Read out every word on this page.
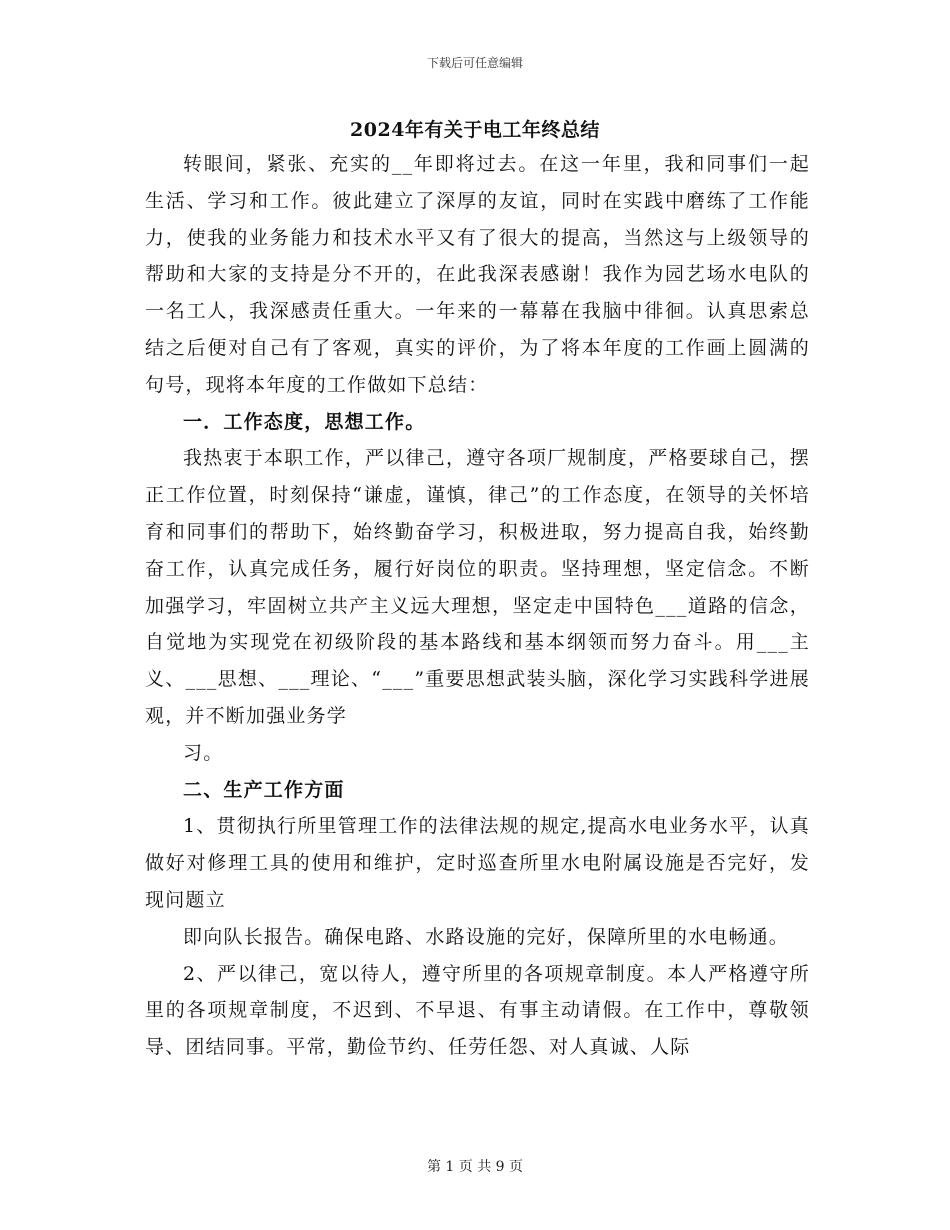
下载后可任意编辑
2024年有关于电工年终总结

转眼间，紧张、充实的__年即将过去。在这一年里，我和同事们一起生活、学习和工作。彼此建立了深厚的友谊，同时在实践中磨练了工作能力，使我的业务能力和技术水平又有了很大的提高，当然这与上级领导的帮助和大家的支持是分不开的，在此我深表感谢！我作为园艺场水电队的一名工人，我深感责任重大。一年来的一幕幕在我脑中徘徊。认真思索总结之后便对自己有了客观，真实的评价，为了将本年度的工作画上圆满的句号，现将本年度的工作做如下总结：

一．工作态度，思想工作。

我热衷于本职工作，严以律己，遵守各项厂规制度，严格要球自己，摆正工作位置，时刻保持“谦虚，谨慎，律己”的工作态度，在领导的关怀培育和同事们的帮助下，始终勤奋学习，积极进取，努力提高自我，始终勤奋工作，认真完成任务，履行好岗位的职责。坚持理想，坚定信念。不断加强学习，牢固树立共产主义远大理想，坚定走中国特色___道路的信念，自觉地为实现党在初级阶段的基本路线和基本纲领而努力奋斗。用___主义、___思想、___理论、“___”重要思想武装头脑，深化学习实践科学进展观，并不断加强业务学

习。

二、生产工作方面

1、贯彻执行所里管理工作的法律法规的规定,提高水电业务水平，认真做好对修理工具的使用和维护，定时巡查所里水电附属设施是否完好，发现问题立

即向队长报告。确保电路、水路设施的完好，保障所里的水电畅通。

2、严以律己，宽以待人，遵守所里的各项规章制度。本人严格遵守所里的各项规章制度，不迟到、不早退、有事主动请假。在工作中，尊敬领导、团结同事。平常，勤俭节约、任劳任怨、对人真诚、人际

第 1 页 共 9 页
